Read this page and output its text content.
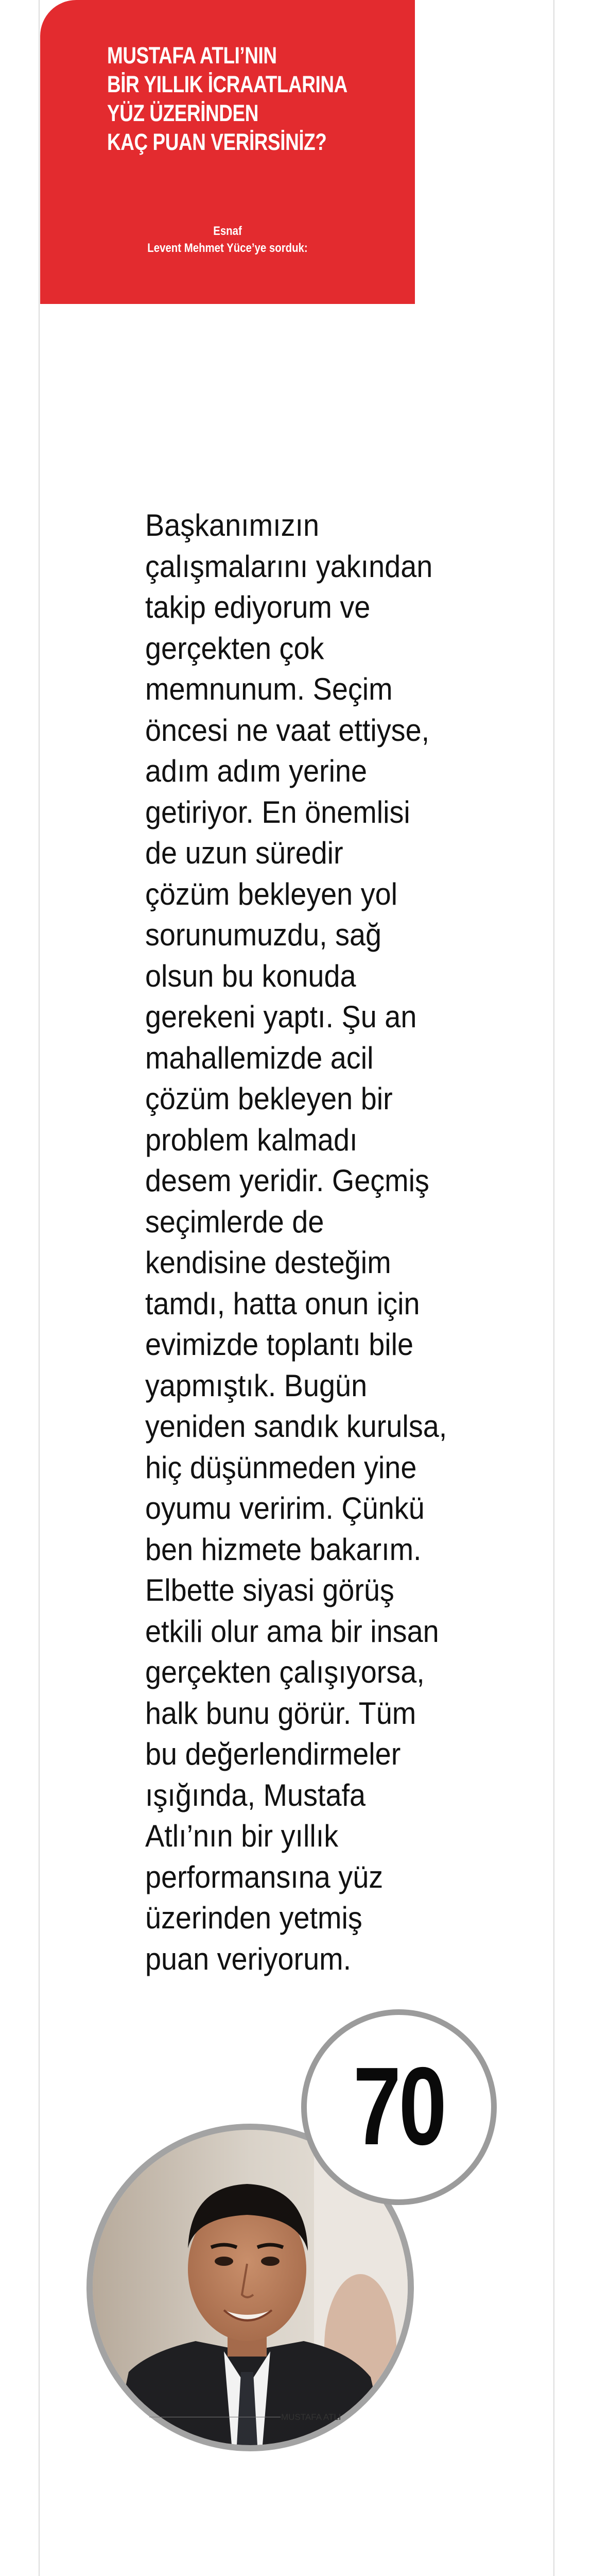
MUSTAFA ATLI’NIN
BİR YILLIK İCRAATLARINA
YÜZ ÜZERİNDEN
KAÇ PUAN VERİRSİNİZ?
Esnaf
Levent Mehmet Yüce’ye sorduk:
Başkanımızın
çalışmalarını yakından
takip ediyorum ve
gerçekten çok
memnunum. Seçim
öncesi ne vaat ettiyse,
adım adım yerine
getiriyor. En önemlisi
de uzun süredir
çözüm bekleyen yol
sorunumuzdu, sağ
olsun bu konuda
gerekeni yaptı. Şu an
mahallemizde acil
çözüm bekleyen bir
problem kalmadı
desem yeridir. Geçmiş
seçimlerde de
kendisine desteğim
tamdı, hatta onun için
evimizde toplantı bile
yapmıştık. Bugün
yeniden sandık kurulsa,
hiç düşünmeden yine
oyumu veririm. Çünkü
ben hizmete bakarım.
Elbette siyasi görüş
etkili olur ama bir insan
gerçekten çalışıyorsa,
halk bunu görür. Tüm
bu değerlendirmeler
ışığında, Mustafa
Atlı’nın bir yıllık
performansına yüz
üzerinden yetmiş
puan veriyorum.
70
MUSTAFA ATLI
